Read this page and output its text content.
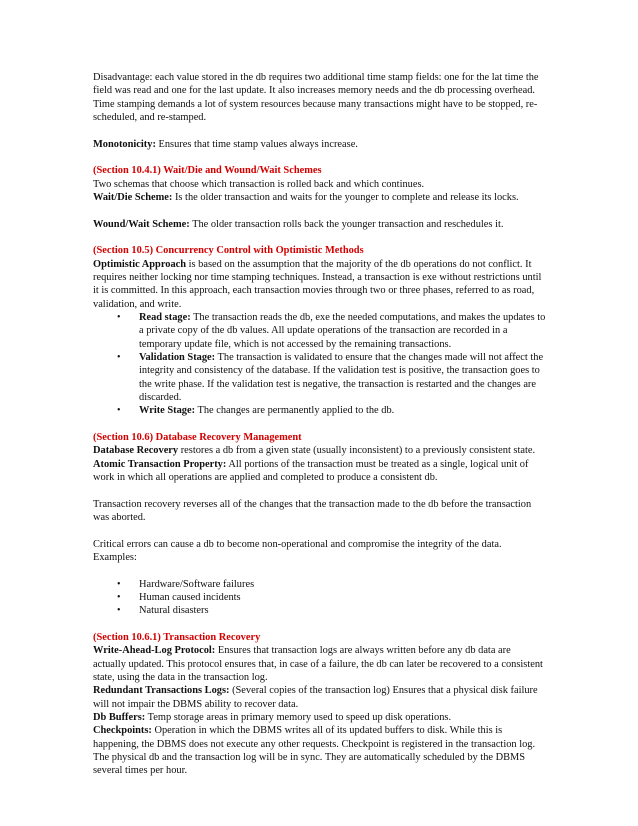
Disadvantage: each value stored in the db requires two additional time stamp fields: one for the lat time the field was read and one for the last update. It also increases memory needs and the db processing overhead. Time stamping demands a lot of system resources because many transactions might have to be stopped, re-scheduled, and re-stamped.

Monotonicity: Ensures that time stamp values always increase.

(Section 10.4.1) Wait/Die and Wound/Wait Schemes

Two schemas that choose which transaction is rolled back and which continues.

Wait/Die Scheme: Is the older transaction and waits for the younger to complete and release its locks.

Wound/Wait Scheme: The older transaction rolls back the younger transaction and reschedules it.

(Section 10.5) Concurrency Control with Optimistic Methods

Optimistic Approach is based on the assumption that the majority of the db operations do not conflict. It requires neither locking nor time stamping techniques. Instead, a transaction is exe without restrictions until it is committed. In this approach, each transaction movies through two or three phases, referred to as road, validation, and write.

• Read stage: The transaction reads the db, exe the needed computations, and makes the updates to a private copy of the db values. All update operations of the transaction are recorded in a temporary update file, which is not accessed by the remaining transactions.
• Validation Stage: The transaction is validated to ensure that the changes made will not affect the integrity and consistency of the database. If the validation test is positive, the transaction goes to the write phase. If the validation test is negative, the transaction is restarted and the changes are discarded.
• Write Stage: The changes are permanently applied to the db.

(Section 10.6) Database Recovery Management

Database Recovery restores a db from a given state (usually inconsistent) to a previously consistent state.

Atomic Transaction Property: All portions of the transaction must be treated as a single, logical unit of work in which all operations are applied and completed to produce a consistent db.

Transaction recovery reverses all of the changes that the transaction made to the db before the transaction was aborted.

Critical errors can cause a db to become non-operational and compromise the integrity of the data. Examples:

• Hardware/Software failures
• Human caused incidents
• Natural disasters

(Section 10.6.1) Transaction Recovery

Write-Ahead-Log Protocol: Ensures that transaction logs are always written before any db data are actually updated. This protocol ensures that, in case of a failure, the db can later be recovered to a consistent state, using the data in the transaction log.

Redundant Transactions Logs: (Several copies of the transaction log) Ensures that a physical disk failure will not impair the DBMS ability to recover data.

Db Buffers: Temp storage areas in primary memory used to speed up disk operations.

Checkpoints: Operation in which the DBMS writes all of its updated buffers to disk. While this is happening, the DBMS does not execute any other requests. Checkpoint is registered in the transaction log. The physical db and the transaction log will be in sync. They are automatically scheduled by the DBMS several times per hour.
